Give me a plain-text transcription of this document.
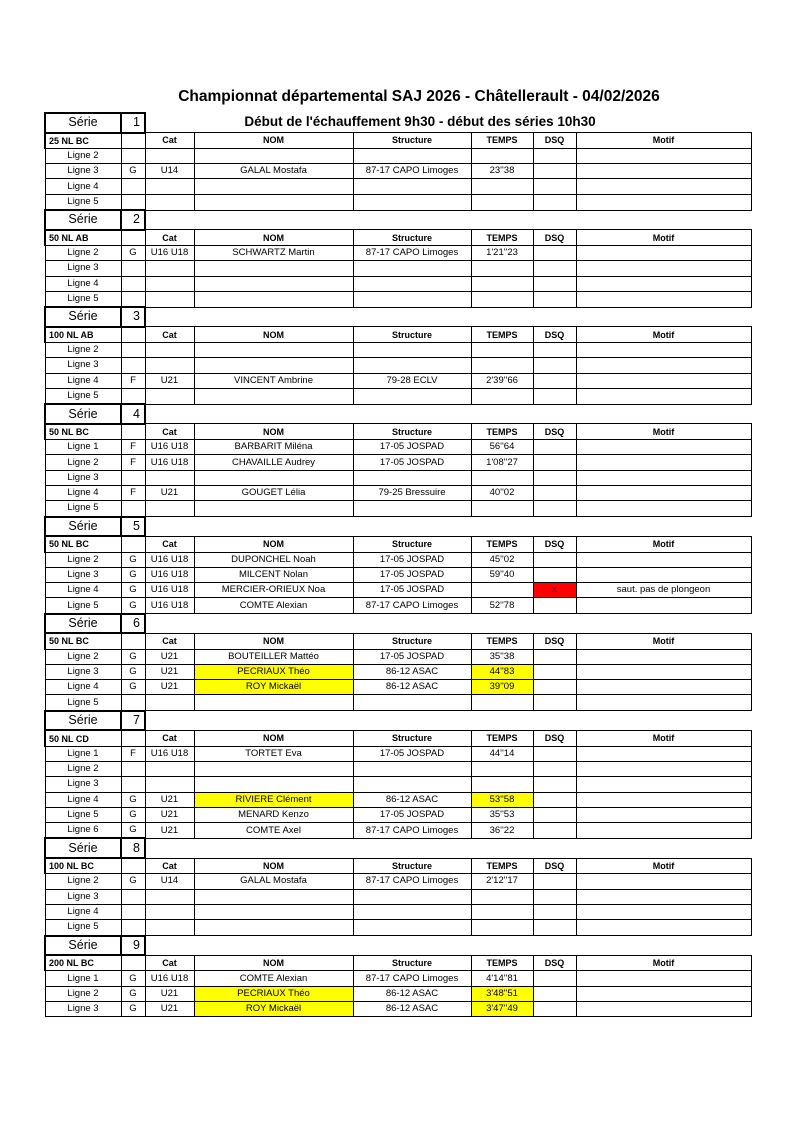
Championnat départemental SAJ 2026 - Châtellerault - 04/02/2026
Début de l'échauffement 9h30 - début des séries 10h30
Série	1						
25 NL BC		Cat	NOM	Structure	TEMPS	DSQ	Motif
Ligne 2							
Ligne 3	G	U14	GALAL Mostafa	87-17 CAPO Limoges	23''38		
Ligne 4							
Ligne 5							
Série	2						
50 NL AB		Cat	NOM	Structure	TEMPS	DSQ	Motif
Ligne 2	G	U16 U18	SCHWARTZ Martin	87-17 CAPO Limoges	1'21''23		
Ligne 3							
Ligne 4							
Ligne 5							
Série	3						
100 NL AB		Cat	NOM	Structure	TEMPS	DSQ	Motif
Ligne 2							
Ligne 3							
Ligne 4	F	U21	VINCENT Ambrine	79-28 ECLV	2'39''66		
Ligne 5							
Série	4						
50 NL BC		Cat	NOM	Structure	TEMPS	DSQ	Motif
Ligne 1	F	U16 U18	BARBARIT Miléna	17-05 JOSPAD	56''64		
Ligne 2	F	U16 U18	CHAVAILLE Audrey	17-05 JOSPAD	1'08''27		
Ligne 3							
Ligne 4	F	U21	GOUGET Lélia	79-25 Bressuire	40''02		
Ligne 5							
Série	5						
50 NL BC		Cat	NOM	Structure	TEMPS	DSQ	Motif
Ligne 2	G	U16 U18	DUPONCHEL Noah	17-05 JOSPAD	45''02		
Ligne 3	G	U16 U18	MILCENT Nolan	17-05 JOSPAD	59''40		
Ligne 4	G	U16 U18	MERCIER-ORIEUX Noa	17-05 JOSPAD		x	saut. pas de plongeon
Ligne 5	G	U16 U18	COMTE Alexian	87-17 CAPO Limoges	52''78		
Série	6						
50 NL BC		Cat	NOM	Structure	TEMPS	DSQ	Motif
Ligne 2	G	U21	BOUTEILLER Mattéo	17-05 JOSPAD	35''38		
Ligne 3	G	U21	PECRIAUX Théo	86-12 ASAC	44''83		
Ligne 4	G	U21	ROY Mickaël	86-12 ASAC	39''09		
Ligne 5							
Série	7						
50 NL CD		Cat	NOM	Structure	TEMPS	DSQ	Motif
Ligne 1	F	U16 U18	TORTET Eva	17-05 JOSPAD	44''14		
Ligne 2							
Ligne 3							
Ligne 4	G	U21	RIVIERE Clément	86-12 ASAC	53''58		
Ligne 5	G	U21	MENARD Kenzo	17-05 JOSPAD	35''53		
Ligne 6	G	U21	COMTE Axel	87-17 CAPO Limoges	36''22		
Série	8						
100 NL BC		Cat	NOM	Structure	TEMPS	DSQ	Motif
Ligne 2	G	U14	GALAL Mostafa	87-17 CAPO Limoges	2'12''17		
Ligne 3							
Ligne 4							
Ligne 5							
Série	9						
200 NL BC		Cat	NOM	Structure	TEMPS	DSQ	Motif
Ligne 1	G	U16 U18	COMTE Alexian	87-17 CAPO Limoges	4'14''81		
Ligne 2	G	U21	PECRIAUX Théo	86-12 ASAC	3'48''51		
Ligne 3	G	U21	ROY Mickaël	86-12 ASAC	3'47''49		
